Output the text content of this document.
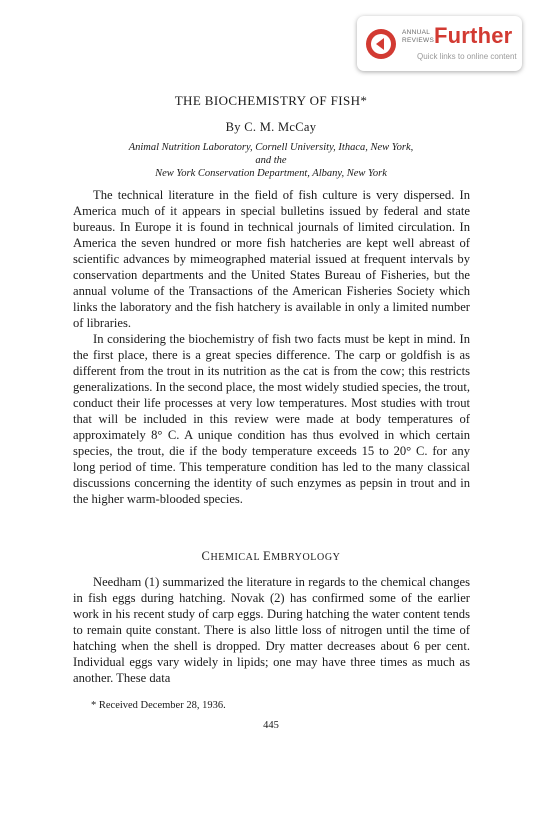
ANNUAL
REVIEWS Further
Quick links to online content
THE BIOCHEMISTRY OF FISH*
By C. M. McCay
Animal Nutrition Laboratory, Cornell University, Ithaca, New York,
and the
New York Conservation Department, Albany, New York

The technical literature in the field of fish culture is very dispersed. In America much of it appears in special bulletins issued by federal and state bureaus. In Europe it is found in technical journals of limited circulation. In America the seven hundred or more fish hatcheries are kept well abreast of scientific advances by mimeographed material issued at frequent intervals by conservation departments and the United States Bureau of Fisheries, but the annual volume of the Transactions of the American Fisheries Society which links the laboratory and the fish hatchery is available in only a limited number of libraries.

In considering the biochemistry of fish two facts must be kept in mind. In the first place, there is a great species difference. The carp or goldfish is as different from the trout in its nutrition as the cat is from the cow; this restricts generalizations. In the second place, the most widely studied species, the trout, conduct their life processes at very low temperatures. Most studies with trout that will be included in this review were made at body temperatures of approximately 8° C. A unique condition has thus evolved in which certain species, the trout, die if the body temperature exceeds 15 to 20° C. for any long period of time. This temperature condition has led to the many classical discussions concerning the identity of such enzymes as pepsin in trout and in the higher warm-blooded species.

CHEMICAL EMBRYOLOGY

Needham (1) summarized the literature in regards to the chemical changes in fish eggs during hatching. Novak (2) has confirmed some of the earlier work in his recent study of carp eggs. During hatching the water content tends to remain quite constant. There is also little loss of nitrogen until the time of hatching when the shell is dropped. Dry matter decreases about 6 per cent. Individual eggs vary widely in lipids; one may have three times as much as another. These data

* Received December 28, 1936.
445
